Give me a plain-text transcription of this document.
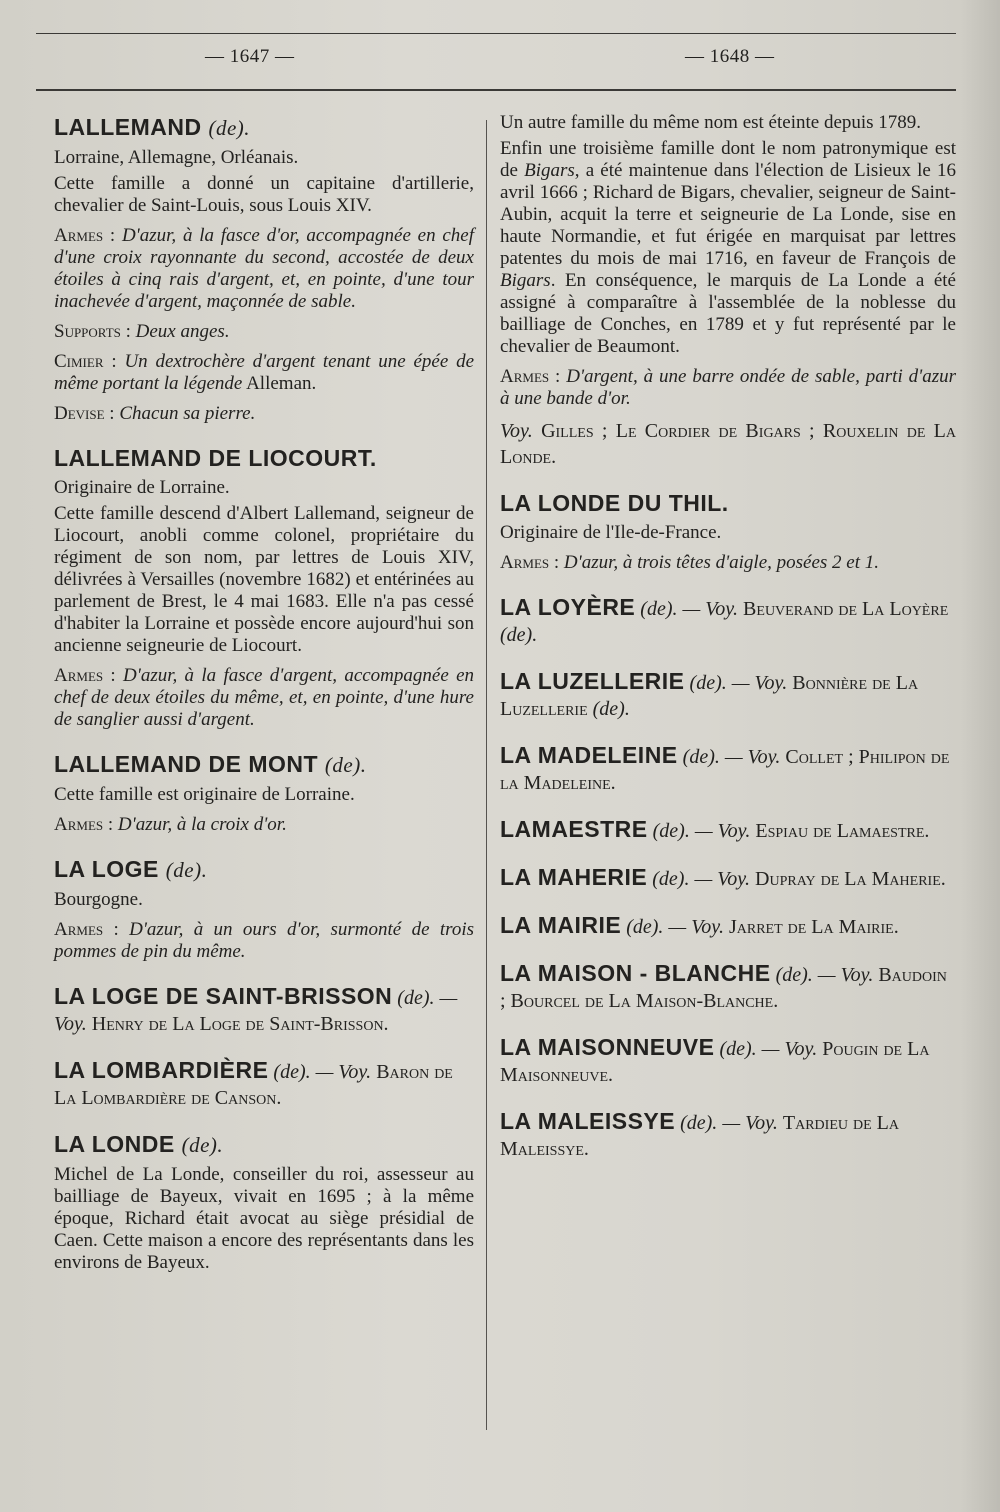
— 1647 —	— 1648 —
LALLEMAND (de).

Lorraine, Allemagne, Orléanais.

Cette famille a donné un capitaine d'artillerie, chevalier de Saint-Louis, sous Louis XIV.

Armes : D'azur, à la fasce d'or, accompagnée en chef d'une croix rayonnante du second, accostée de deux étoiles à cinq rais d'argent, et, en pointe, d'une tour inachevée d'argent, maçonnée de sable.

Supports : Deux anges.

Cimier : Un dextrochère d'argent tenant une épée de même portant la légende Alleman.

Devise : Chacun sa pierre.

LALLEMAND DE LIOCOURT.

Originaire de Lorraine.

Cette famille descend d'Albert Lallemand, seigneur de Liocourt, anobli comme colonel, propriétaire du régiment de son nom, par lettres de Louis XIV, délivrées à Versailles (novembre 1682) et entérinées au parlement de Brest, le 4 mai 1683. Elle n'a pas cessé d'habiter la Lorraine et possède encore aujourd'hui son ancienne seigneurie de Liocourt.

Armes : D'azur, à la fasce d'argent, accompagnée en chef de deux étoiles du même, et, en pointe, d'une hure de sanglier aussi d'argent.

LALLEMAND DE MONT (de).

Cette famille est originaire de Lorraine.

Armes : D'azur, à la croix d'or.

LA LOGE (de).

Bourgogne.

Armes : D'azur, à un ours d'or, surmonté de trois pommes de pin du même.

LA LOGE DE SAINT-BRISSON (de). — Voy. Henry de La Loge de Saint-Brisson.
LA LOMBARDIÈRE (de). — Voy. Baron de La Lombardière de Canson.
LA LONDE (de).

Michel de La Londe, conseiller du roi, assesseur au bailliage de Bayeux, vivait en 1695 ; à la même époque, Richard était avocat au siège présidial de Caen. Cette maison a encore des représentants dans les environs de Bayeux.

Un autre famille du même nom est éteinte depuis 1789.

Enfin une troisième famille dont le nom patronymique est de Bigars, a été maintenue dans l'élection de Lisieux le 16 avril 1666 ; Richard de Bigars, chevalier, seigneur de Saint-Aubin, acquit la terre et seigneurie de La Londe, sise en haute Normandie, et fut érigée en marquisat par lettres patentes du mois de mai 1716, en faveur de François de Bigars. En conséquence, le marquis de La Londe a été assigné à comparaître à l'assemblée de la noblesse du bailliage de Conches, en 1789 et y fut représenté par le chevalier de Beaumont.

Armes : D'argent, à une barre ondée de sable, parti d'azur à une bande d'or.

Voy. Gilles ; Le Cordier de Bigars ; Rouxelin de La Londe.

LA LONDE DU THIL.

Originaire de l'Ile-de-France.

Armes : D'azur, à trois têtes d'aigle, posées 2 et 1.

LA LOYÈRE (de). — Voy. Beuverand de La Loyère (de).
LA LUZELLERIE (de). — Voy. Bonnière de La Luzellerie (de).
LA MADELEINE (de). — Voy. Collet ; Philipon de la Madeleine.
LAMAESTRE (de). — Voy. Espiau de Lamaestre.
LA MAHERIE (de). — Voy. Dupray de La Maherie.
LA MAIRIE (de). — Voy. Jarret de La Mairie.
LA MAISON - BLANCHE (de). — Voy. Baudoin ; Bourcel de La Maison-Blanche.
LA MAISONNEUVE (de). — Voy. Pougin de La Maisonneuve.
LA MALEISSYE (de). — Voy. Tardieu de La Maleissye.
